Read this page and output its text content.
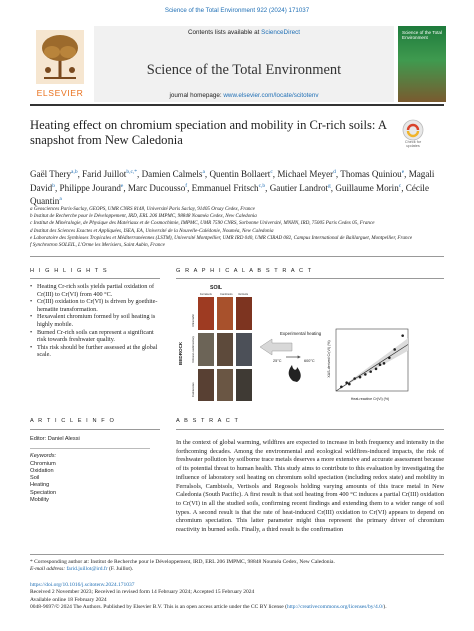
Science of the Total Environment 922 (2024) 171037
ELSEVIER
Contents lists available at ScienceDirect
Science of the Total Environment
journal homepage: www.elsevier.com/locate/scitotenv
Science of the Total Environment
Heating effect on chromium speciation and mobility in Cr-rich soils: A snapshot from New Caledonia	Check for updates
Gaël Thery$^{a,b}$, Farid Juillot$^{b,c,*}$, Damien Calmels$^a$, Quentin Bollaert$^c$, Michael Meyer$^d$, Thomas Quiniou$^e$, Magali David$^b$, Philippe Jourand$^e$, Marc Ducousso$^f$, Emmanuel Fritsch$^{c,b}$, Gautier Landrot$^g$, Guillaume Morin$^c$, Cécile Quantin$^a$
a Geosciences Paris-Saclay, GEOPS, UMR CNRS 8148, Université Paris Saclay, 91405 Orsay Cedex, France
b Institut de Recherche pour le Développement, IRD, ERL 206 IMPMC, 98848 Nouméa Cedex, New Caledonia
c Institut de Minéralogie, de Physique des Matériaux et de Cosmochimie, IMPMC, UMR 7590 CNRS, Sorbonne Université, MNHN, IRD, 75005 Paris Cedex 05, France
d Institut des Sciences Exactes et Appliquées, ISEA, EA, Université de la Nouvelle-Calédonie, Nouméa, New Caledonia
e Laboratoire des Symbioses Tropicales et Méditerranéennes (LSTM), Université Montpellier, UMR IRD 040, UMR CIRAD 082, Campus International de Baillarguet, Montpellier, France
f Synchrotron SOLEIL, L'Orme les Merisiers, Saint Aubin, France
H I G H L I G H T S	G R A P H I C A L A B S T R A C T
• Heating Cr-rich soils yields partial oxidation of Cr(III) to Cr(VI) from 400 °C.
• Cr(III) oxidation to Cr(VI) is driven by goethite-hematite transformation.
• Hexavalent chromium formed by soil heating is highly mobile.
• Burned Cr-rich soils can represent a significant risk towards freshwater quality.
• This risk should be further assessed at the global scale.
SOIL
BEDROCK
Ultramafic
Volcano-sedimentary
Calcareous
Ferralsols	Cambisols Vertisols
Experimental heating
25°C	600°C
Heat-reactive Cr(VI) (%)
XAS-derived Cr(VI) (%)
A R T I C L E I N F O	A B S T R A C T
Editor: Daniel Alessi
Keywords:
Chromium
Oxidation
Soil
Heating
Speciation
Mobility
In the context of global warming, wildfires are expected to increase in both frequency and intensity in the forthcoming decades. Among the environmental and ecological wildfires-induced impacts, the risk of freshwater pollution by soilborne trace metals deserves a more extensive and accurate assessment because of its potential threat to human health. This study aims to contribute to this evaluation by investigating the influence of laboratory soil heating on chromium solid speciation (including redox state) and mobility in Ferralsols, Cambisols, Vertisols and Regosols holding varying amounts of this trace metal in New Caledonia (South Pacific). A first result is that soil heating from 400 °C induces a partial Cr(III) oxidation to Cr(VI) in all the studied soils, confirming recent findings and extending them to a wider range of soil types. A second result is that the rate of heat-induced Cr(III) oxidation to Cr(VI) appears to depend on chromium speciation. This latter parameter might thus represent the primary driver of chromium reactivity in burned soils. Finally, a third result is the confirmation
* Corresponding author at: Institut de Recherche pour le Développement, IRD, ERL 206 IMPMC, 98848 Nouméa Cedex, New Caledonia.
E-mail address: farid.juillot@ird.fr (F. Juillot).
https://doi.org/10.1016/j.scitotenv.2024.171037
Received 2 November 2023; Received in revised form 14 February 2024; Accepted 15 February 2024
Available online 18 February 2024
0048-9697/© 2024 The Authors. Published by Elsevier B.V. This is an open access article under the CC BY license (http://creativecommons.org/licenses/by/4.0/).
